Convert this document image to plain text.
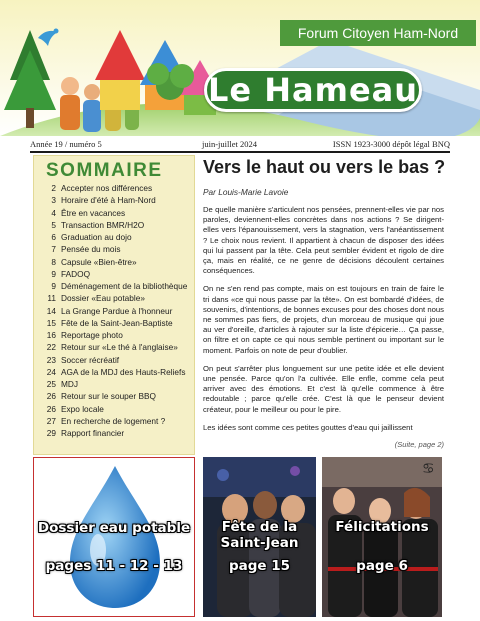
Forum Citoyen Ham-Nord
Le Hameau
Année 19 / numéro 5	juin-juillet 2024	ISSN 1923-3000 dépôt légal BNQ
SOMMAIRE
2 Accepter nos différences
3 Horaire d'été à Ham-Nord
4 Être en vacances
5 Transaction BMR/H2O
6 Graduation au dojo
7 Pensée du mois
8 Capsule «Bien-être»
9 FADOQ
9 Déménagement de la bibliothèque
11 Dossier «Eau potable»
14 La Grange Pardue à l'honneur
15 Fête de la Saint-Jean-Baptiste
16 Reportage photo
22 Retour sur «Le thé à l'anglaise»
23 Soccer récréatif
24 AGA de la MDJ des Hauts-Reliefs
25 MDJ
26 Retour sur le souper BBQ
26 Expo locale
27 En recherche de logement ?
29 Rapport financier
Vers le haut ou vers le bas ?
Par Louis-Marie Lavoie

De quelle manière s'articulent nos pensées, prennent-elles vie par nos paroles, deviennent-elles concrètes dans nos actions ? Se dirigent-elles vers l'épanouissement, vers la stagnation, vers l'anéantissement ? Le choix nous revient. Il appartient à chacun de disposer des idées qui lui passent par la tête. Cela peut sembler évident et rigolo de dire ça, mais en réalité, ce ne genre de décisions découlent certaines conséquences.

On ne s'en rend pas compte, mais on est toujours en train de faire le tri dans «ce qui nous passe par la tête». On est bombardé d'idées, de souvenirs, d'intentions, de bonnes excuses pour des choses dont nous ne sommes pas fiers, de projets, d'un morceau de musique qui joue au ver d'oreille, d'articles à rajouter sur la liste d'épicerie… Ça passe, on filtre et on capte ce qui nous semble pertinent ou important sur le moment. Parfois on note de peur d'oublier.

On peut s'arrêter plus longuement sur une petite idée et elle devient une pensée. Parce qu'on l'a cultivée. Elle enfle, comme cela peut arriver avec des émotions. Et c'est là qu'elle commence à être redoutable ; parce qu'elle crée. C'est là que le penseur devient créateur, pour le meilleur ou pour le pire.

Les idées sont comme ces petites gouttes d'eau qui jaillissent

(Suite, page 2)
Dossier eau potable
pages 11 - 12 - 13
Fête de la
Saint-Jean
page 15
♋
Félicitations
page 6
